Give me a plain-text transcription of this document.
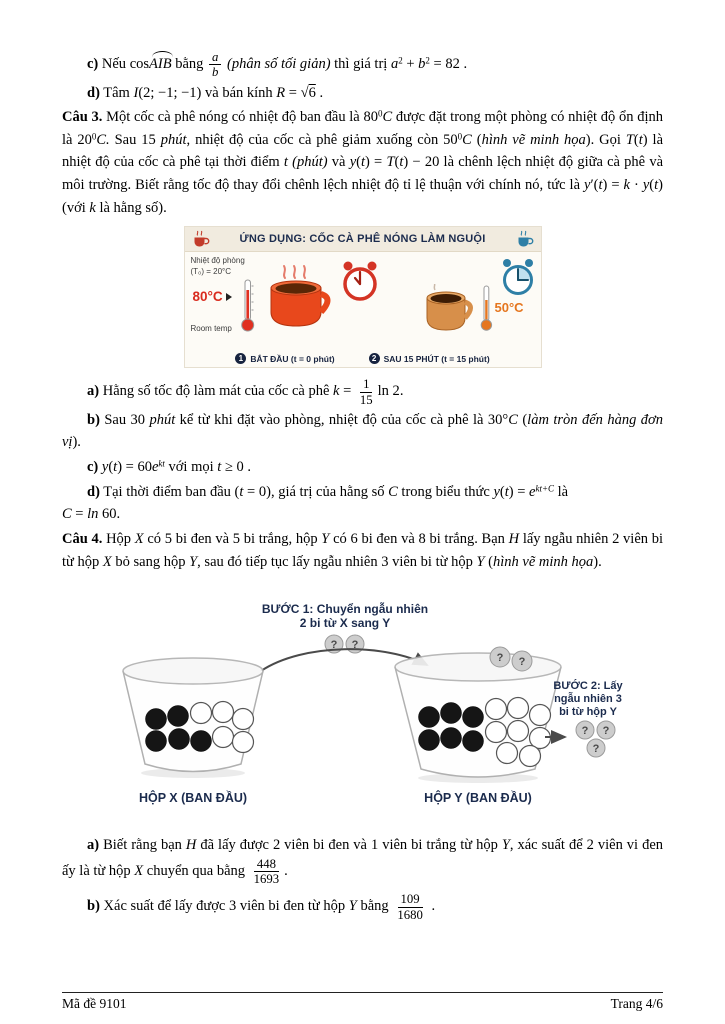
c) Nếu cosAIB bằng $\frac{a}{b}$ (phân số tối giản) thì giá trị $a^2 + b^2 = 82$ .

d) Tâm I(2; −1; −1) và bán kính R = √6 .

Câu 3. Một cốc cà phê nóng có nhiệt độ ban đầu là $80^0C$ được đặt trong một phòng có nhiệt độ ổn định là $20^0C$. Sau 15 phút, nhiệt độ của cốc cà phê giảm xuống còn $50^0C$ (hình vẽ minh họa). Gọi T(t) là nhiệt độ của cốc cà phê tại thời điểm t (phút) và y(t) = T(t) − 20 là chênh lệch nhiệt độ giữa cà phê và môi trường. Biết rằng tốc độ thay đổi chênh lệch nhiệt độ tỉ lệ thuận với chính nó, tức là y′(t) = k · y(t) (với k là hằng số).

ỨNG DỤNG: CỐC CÀ PHÊ NÓNG LÀM NGUỘI
Nhiệt độ phòng
(T₀) = 20°C
80°C
Room temp
50°C
1 BẮT ĐẦU (t = 0 phút)	2 SAU 15 PHÚT (t = 15 phút)

a) Hằng số tốc độ làm mát của cốc cà phê $k = \frac{1}{15}$ ln 2.

b) Sau 30 phút kể từ khi đặt vào phòng, nhiệt độ của cốc cà phê là 30°C (làm tròn đến hàng đơn vị).

c) $y(t) = 60e^{kt}$ với mọi t ≥ 0 .

d) Tại thời điểm ban đầu (t = 0), giá trị của hằng số C trong biểu thức $y(t) = e^{kt+C}$ là
C = ln 60.

Câu 4. Hộp X có 5 bi đen và 5 bi trắng, hộp Y có 6 bi đen và 8 bi trắng. Bạn H lấy ngẫu nhiên 2 viên bi từ hộp X bỏ sang hộp Y, sau đó tiếp tục lấy ngẫu nhiên 3 viên bi từ hộp Y (hình vẽ minh họa).

BƯỚC 1: Chuyển ngẫu nhiên
2 bi từ X sang Y
? ?
? ?
BƯỚC 2: Lấy
ngẫu nhiên 3
bi từ hộp Y
? ?
?
HỘP X (BAN ĐẦU)	HỘP Y (BAN ĐẦU)

a) Biết rằng bạn H đã lấy được 2 viên bi đen và 1 viên bi trắng từ hộp Y, xác suất để 2 viên vi đen ấy là từ hộp X chuyển qua bằng $\frac{448}{1693}$ .

b) Xác suất để lấy được 3 viên bi đen từ hộp Y bằng $\frac{109}{1680}$ .

Mã đề 9101	Trang 4/6
